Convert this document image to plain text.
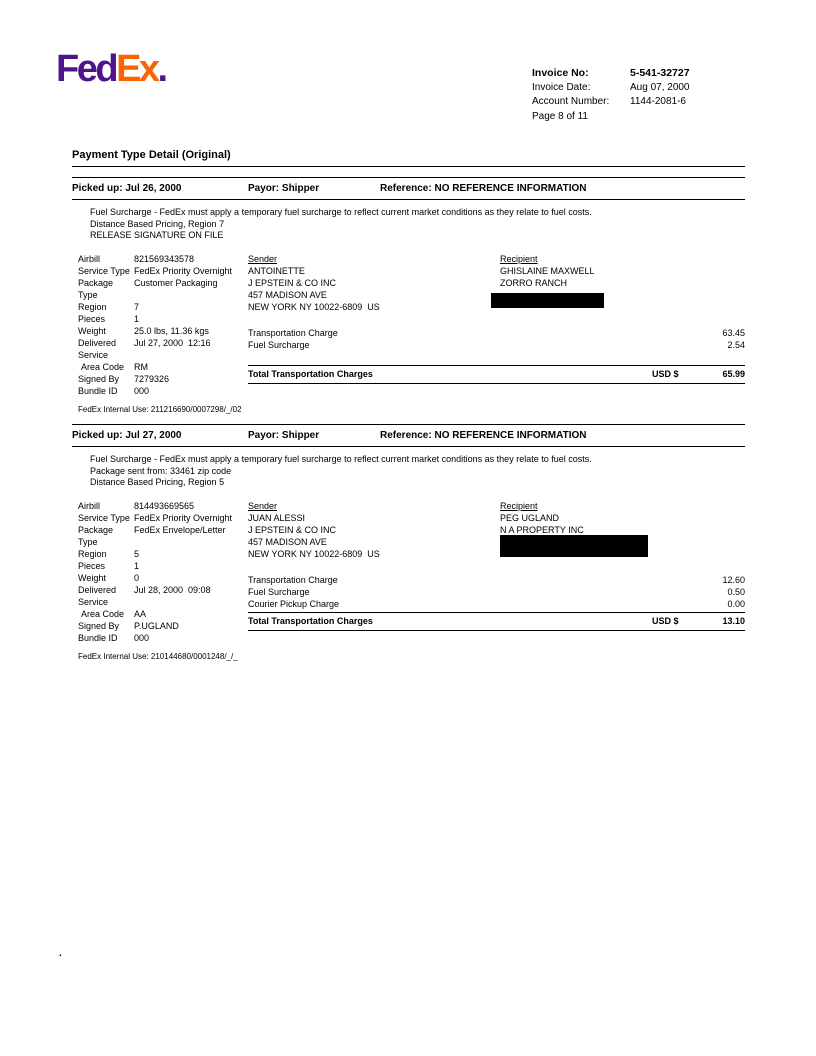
FedEx.	Invoice No:	5-541-32727
Invoice Date:	Aug 07, 2000
Account Number:	1144-2081-6
Page 8 of 11
Payment Type Detail (Original)
Picked up: Jul 26, 2000	Payor: Shipper	Reference: NO REFERENCE INFORMATION
Fuel Surcharge - FedEx must apply a temporary fuel surcharge to reflect current market conditions as they relate to fuel costs.
Distance Based Pricing, Region 7
RELEASE SIGNATURE ON FILE
Airbill	821569343578
Service Type FedEx Priority Overnight
Package Type
Customer Packaging
Region	7
Pieces	1
Weight	25.0 lbs, 11.36 kgs
Delivered	Jul 27, 2000  12:16
Service
Area Code	RM
Signed By	7279326
Bundle ID	000
Sender
ANTOINETTE
J EPSTEIN & CO INC
457 MADISON AVE
NEW YORK NY 10022-6809  US
Recipient
GHISLAINE MAXWELL
ZORRO RANCH
Transportation Charge	63.45
Fuel Surcharge	2.54
Total Transportation Charges	USD $	65.99
FedEx Internal Use: 211216690/0007298/_/02
Picked up: Jul 27, 2000	Payor: Shipper	Reference: NO REFERENCE INFORMATION
Fuel Surcharge - FedEx must apply a temporary fuel surcharge to reflect current market conditions as they relate to fuel costs.
Package sent from: 33461 zip code
Distance Based Pricing, Region 5
Airbill	814493669565
Service Type FedEx Priority Overnight
Package Type
FedEx Envelope/Letter
Region	5
Pieces	1
Weight	0
Delivered	Jul 28, 2000  09:08
Service
Area Code	AA
Signed By	P.UGLAND
Bundle ID	000
Sender
JUAN ALESSI
J EPSTEIN & CO INC
457 MADISON AVE
NEW YORK NY 10022-6809  US
Recipient
PEG UGLAND
N A PROPERTY INC
Transportation Charge	12.60
Fuel Surcharge	0.50
Courier Pickup Charge	0.00
Total Transportation Charges	USD $	13.10
FedEx Internal Use: 210144680/0001248/_/_
.
